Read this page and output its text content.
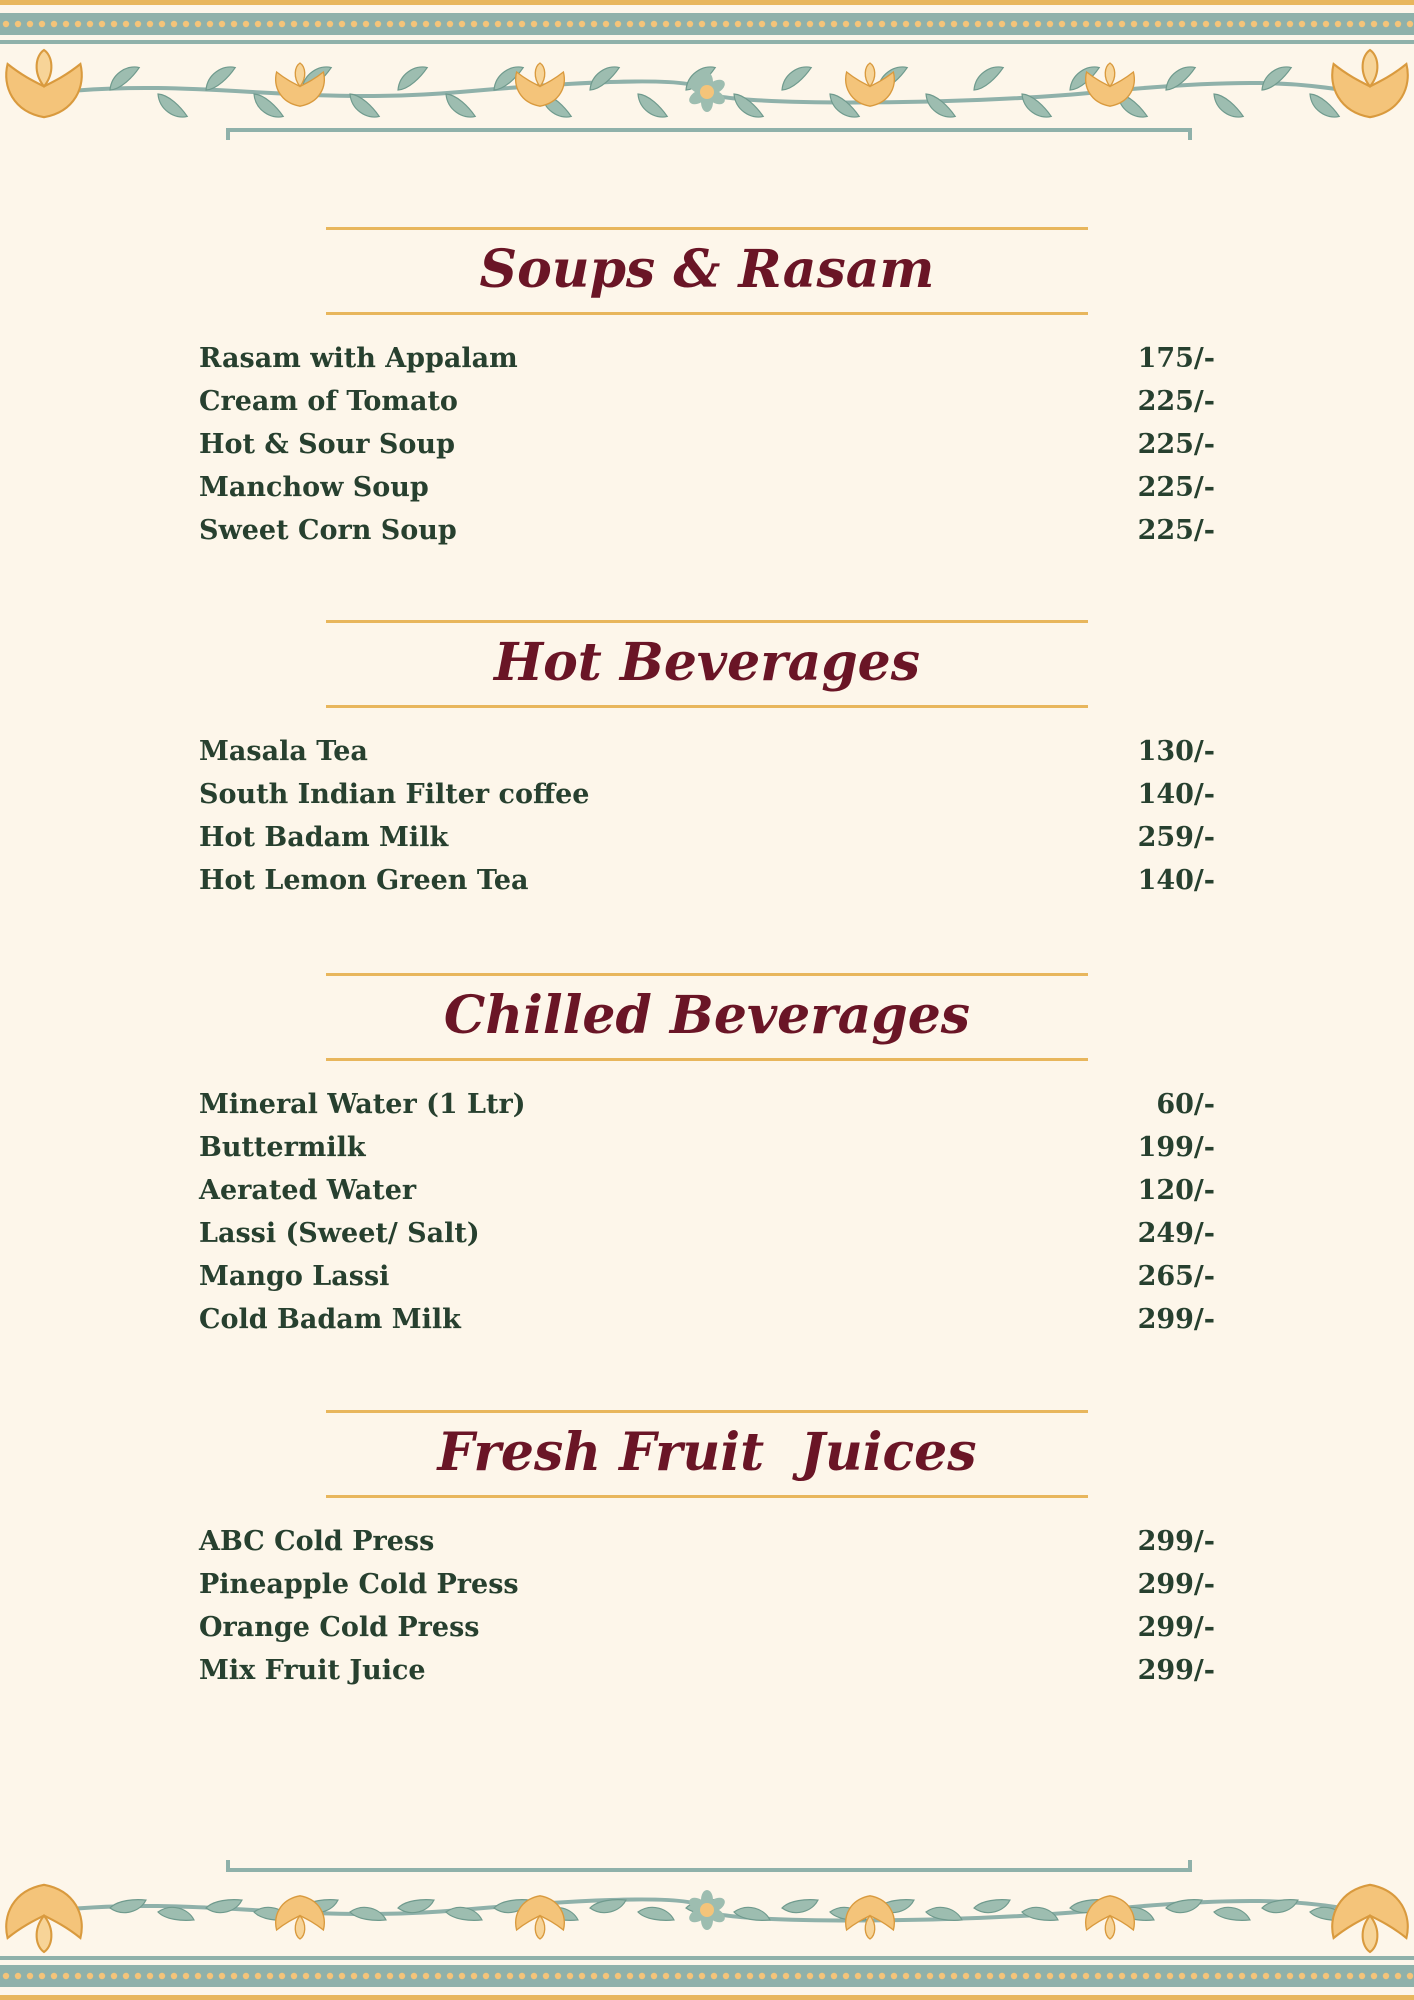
Soups & Rasam
Rasam with Appalam	175/-
Cream of Tomato	225/-
Hot & Sour Soup	225/-
Manchow Soup	225/-
Sweet Corn Soup	225/-
Hot Beverages
Masala Tea	130/-
South Indian Filter coffee	140/-
Hot Badam Milk	259/-
Hot Lemon Green Tea	140/-
Chilled Beverages
Mineral Water (1 Ltr)	60/-
Buttermilk	199/-
Aerated Water	120/-
Lassi (Sweet/ Salt)	249/-
Mango Lassi	265/-
Cold Badam Milk	299/-
Fresh Fruit  Juices
ABC Cold Press	299/-
Pineapple Cold Press	299/-
Orange Cold Press	299/-
Mix Fruit Juice	299/-
